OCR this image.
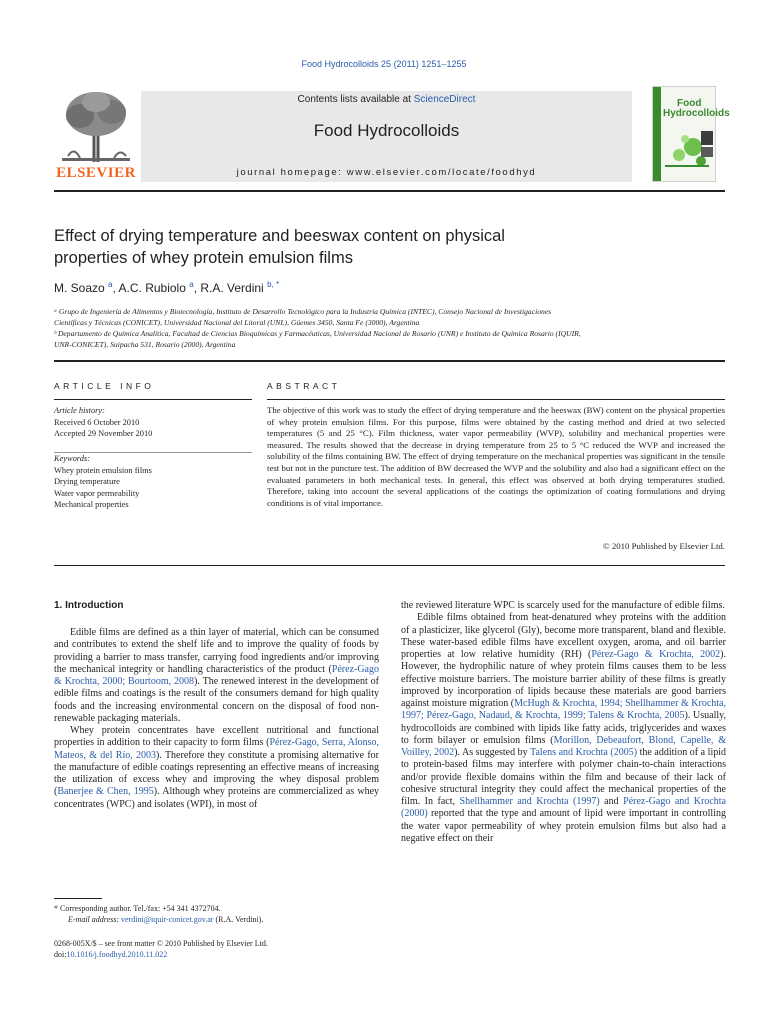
Food Hydrocolloids 25 (2011) 1251–1255
ELSEVIER
Contents lists available at ScienceDirect
Food Hydrocolloids
journal homepage: www.elsevier.com/locate/foodhyd
Food
Hydrocolloids
Effect of drying temperature and beeswax content on physical
properties of whey protein emulsion films
M. Soazo $^a$, A.C. Rubiolo $^a$, R.A. Verdini $^{b, *}$
ᵃ Grupo de Ingeniería de Alimentos y Biotecnología, Instituto de Desarrollo Tecnológico para la Industria Química (INTEC), Consejo Nacional de Investigaciones
Científicas y Técnicas (CONICET), Universidad Nacional del Litoral (UNL), Güemes 3450, Santa Fe (3000), Argentina
ᵇ Departamento de Química Analítica, Facultad de Ciencias Bioquímicas y Farmacéuticas, Universidad Nacional de Rosario (UNR) e Instituto de Química Rosario (IQUIR,
UNR-CONICET), Suipacha 531, Rosario (2000), Argentina
ARTICLE INFO	ABSTRACT
Article history:
Received 6 October 2010
Accepted 29 November 2010
Keywords:
Whey protein emulsion films
Drying temperature
Water vapor permeability
Mechanical properties
The objective of this work was to study the effect of drying temperature and the beeswax (BW) content on the physical properties of whey protein emulsion films. For this purpose, films were obtained by the casting method and dried at two selected temperatures (5 and 25 °C). Film thickness, water vapor permeability (WVP), solubility and mechanical properties were measured. The results showed that the decrease in drying temperature from 25 to 5 °C reduced the WVP and increased the solubility of the films containing BW. The effect of drying temperature on the mechanical properties was significant in the tensile test but not in the puncture test. The addition of BW decreased the WVP and the solubility and also had a significant effect on the evaluated parameters in both mechanical tests. In general, this effect was observed at both drying temperatures studied. Therefore, taking into account the several applications of the coatings the optimization of coating formulations and drying conditions is of vital importance.
© 2010 Published by Elsevier Ltd.
1. Introduction

Edible films are defined as a thin layer of material, which can be consumed and contributes to extend the shelf life and to improve the quality of foods by providing a barrier to mass transfer, carrying food ingredients and/or improving the mechanical integrity or handling characteristics of the product (Pérez-Gago & Krochta, 2000; Bourtoom, 2008). The renewed interest in the development of edible films and coatings is the result of the consumers demand for high quality foods and the increasing environmental concern on the disposal of food non-renewable packaging materials.

Whey protein concentrates have excellent nutritional and functional properties in addition to their capacity to form films (Pérez-Gago, Serra, Alonso, Mateos, & del Río, 2003). Therefore they constitute a promising alternative for the manufacture of edible coatings representing an effective means of increasing the utilization of excess whey and improving the whey disposal problem (Banerjee & Chen, 1995). Although whey proteins are commercialized as whey concentrates (WPC) and isolates (WPI), in most of

the reviewed literature WPC is scarcely used for the manufacture of edible films.

Edible films obtained from heat-denatured whey proteins with the addition of a plasticizer, like glycerol (Gly), become more transparent, bland and flexible. These water-based edible films have excellent oxygen, aroma, and oil barrier properties at low relative humidity (RH) (Pérez-Gago & Krochta, 2002). However, the hydrophilic nature of whey protein films causes them to be less effective moisture barriers. The moisture barrier ability of these films is greatly improved by incorporation of lipids because these materials are good barriers against moisture migration (McHugh & Krochta, 1994; Shellhammer & Krochta, 1997; Pérez-Gago, Nadaud, & Krochta, 1999; Talens & Krochta, 2005). Usually, hydrocolloids are combined with lipids like fatty acids, triglycerides and waxes to form bilayer or emulsion films (Morillon, Debeaufort, Blond, Capelle, & Voilley, 2002). As suggested by Talens and Krochta (2005) the addition of a lipid to protein-based films may interfere with polymer chain-to-chain interactions and/or provide flexible domains within the film and because of their lack of cohesive structural integrity they could affect the mechanical properties of the film. In fact, Shellhammer and Krochta (1997) and Pérez-Gago and Krochta (2000) reported that the type and amount of lipid were important in controlling the water vapor permeability of whey protein emulsion films but also had a negative effect on their

* Corresponding author. Tel./fax: +54 341 4372704.
E-mail address: verdini@iquir-conicet.gov.ar (R.A. Verdini).
0268-005X/$ – see front matter © 2010 Published by Elsevier Ltd.
doi:10.1016/j.foodhyd.2010.11.022
